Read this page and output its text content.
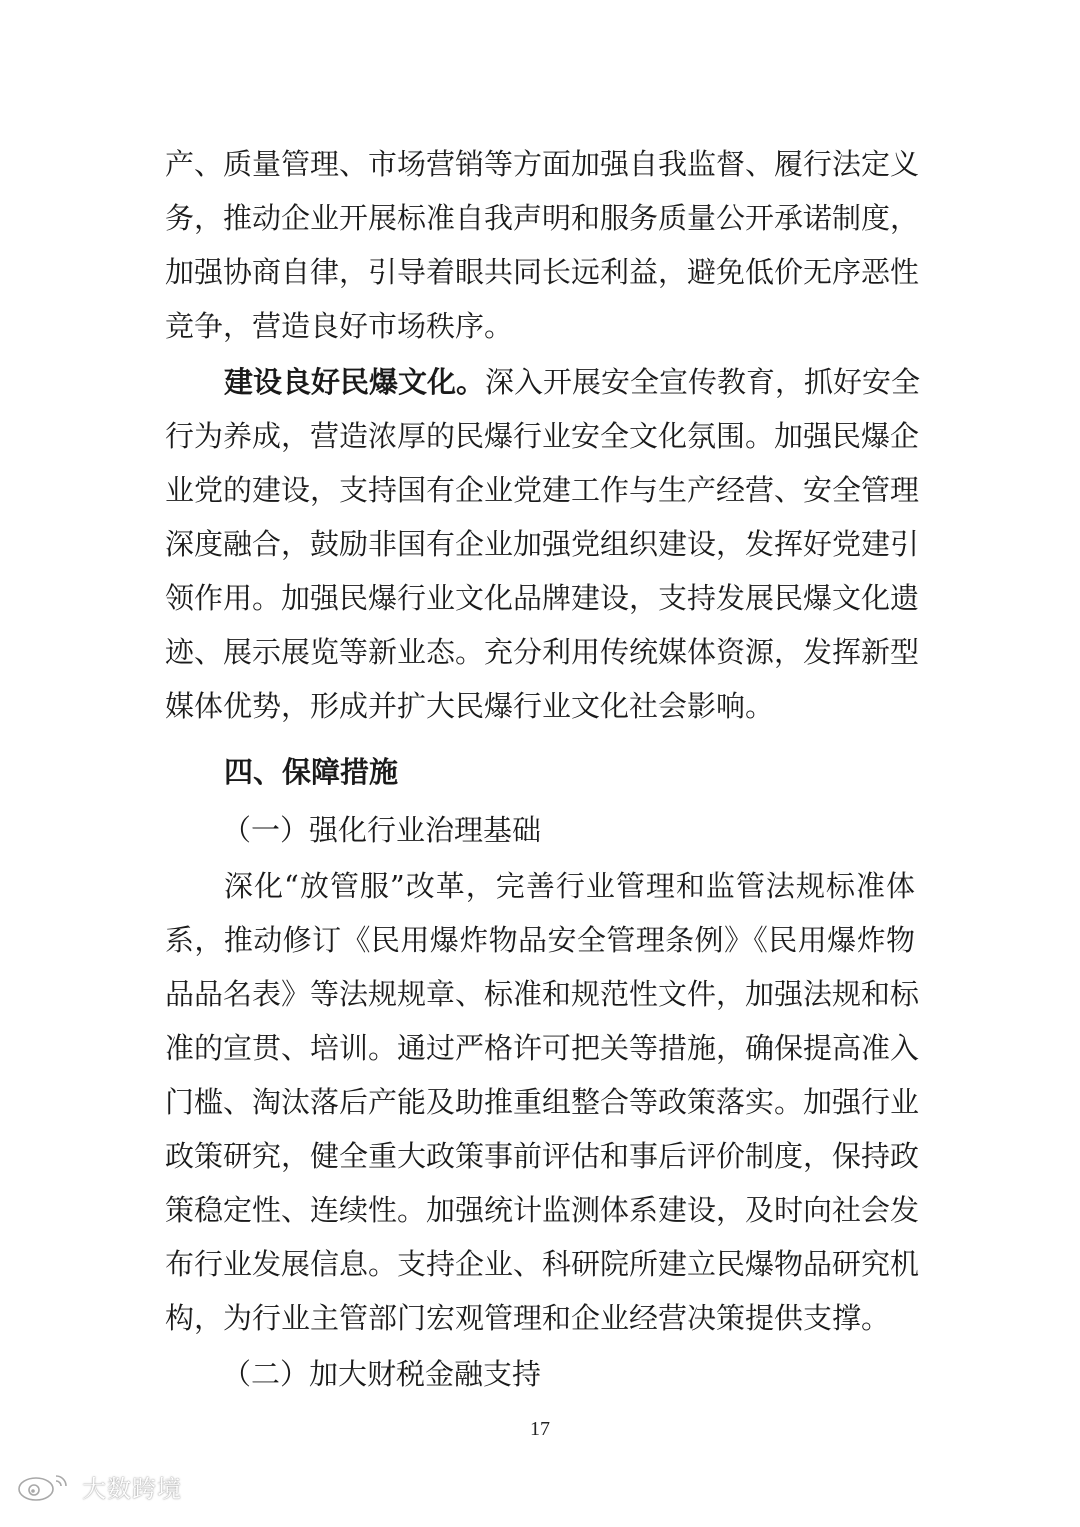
产、质量管理、市场营销等方面加强自我监督、履行法定义
务，推动企业开展标准自我声明和服务质量公开承诺制度，
加强协商自律，引导着眼共同长远利益，避免低价无序恶性
竞争，营造良好市场秩序。
建设良好民爆文化。深入开展安全宣传教育，抓好安全
行为养成，营造浓厚的民爆行业安全文化氛围。加强民爆企
业党的建设，支持国有企业党建工作与生产经营、安全管理
深度融合，鼓励非国有企业加强党组织建设，发挥好党建引
领作用。加强民爆行业文化品牌建设，支持发展民爆文化遗
迹、展示展览等新业态。充分利用传统媒体资源，发挥新型
媒体优势，形成并扩大民爆行业文化社会影响。
四、保障措施
（一）强化行业治理基础
深化“放管服”改革，完善行业管理和监管法规标准体
系，推动修订《民用爆炸物品安全管理条例》《民用爆炸物
品品名表》等法规规章、标准和规范性文件，加强法规和标
准的宣贯、培训。通过严格许可把关等措施，确保提高准入
门槛、淘汰落后产能及助推重组整合等政策落实。加强行业
政策研究，健全重大政策事前评估和事后评价制度，保持政
策稳定性、连续性。加强统计监测体系建设，及时向社会发
布行业发展信息。支持企业、科研院所建立民爆物品研究机
构，为行业主管部门宏观管理和企业经营决策提供支撑。
（二）加大财税金融支持
17
大数跨境
